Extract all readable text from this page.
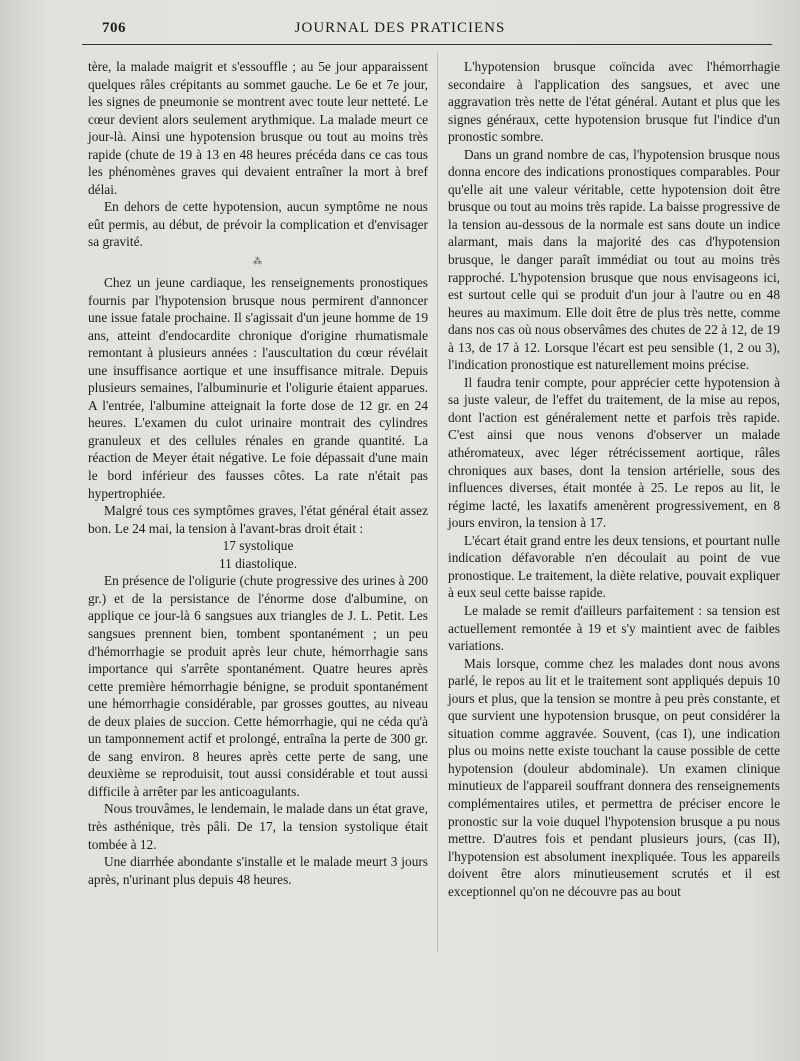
706	JOURNAL DES PRATICIENS

tère, la malade maigrit et s'essouffle ; au 5e jour apparaissent quelques râles crépitants au sommet gauche. Le 6e et 7e jour, les signes de pneumonie se montrent avec toute leur netteté. Le cœur devient alors seulement arythmique. La malade meurt ce jour-là. Ainsi une hypotension brusque ou tout au moins très rapide (chute de 19 à 13 en 48 heures précéda dans ce cas tous les phénomènes graves qui devaient entraîner la mort à bref délai.

En dehors de cette hypotension, aucun symptôme ne nous eût permis, au début, de prévoir la complication et d'envisager sa gravité.

⁂

Chez un jeune cardiaque, les renseignements pronostiques fournis par l'hypotension brusque nous permirent d'annoncer une issue fatale prochaine. Il s'agissait d'un jeune homme de 19 ans, atteint d'endocardite chronique d'origine rhumatismale remontant à plusieurs années : l'auscultation du cœur révélait une insuffisance aortique et une insuffisance mitrale. Depuis plusieurs semaines, l'albuminurie et l'oligurie étaient apparues. A l'entrée, l'albumine atteignait la forte dose de 12 gr. en 24 heures. L'examen du culot urinaire montrait des cylindres granuleux et des cellules rénales en grande quantité. La réaction de Meyer était négative. Le foie dépassait d'une main le bord inférieur des fausses côtes. La rate n'était pas hypertrophiée.

Malgré tous ces symptômes graves, l'état général était assez bon. Le 24 mai, la tension à l'avant-bras droit était :

17 systolique

11 diastolique.

En présence de l'oligurie (chute progressive des urines à 200 gr.) et de la persistance de l'énorme dose d'albumine, on applique ce jour-là 6 sangsues aux triangles de J. L. Petit. Les sangsues prennent bien, tombent spontanément ; un peu d'hémorrhagie se produit après leur chute, hémorrhagie sans importance qui s'arrête spontanément. Quatre heures après cette première hémorrhagie bénigne, se produit spontanément une hémorrhagie considérable, par grosses gouttes, au niveau de deux plaies de succion. Cette hémorrhagie, qui ne céda qu'à un tamponnement actif et prolongé, entraîna la perte de 300 gr. de sang environ. 8 heures après cette perte de sang, une deuxième se reproduisit, tout aussi considérable et tout aussi difficile à arrêter par les anticoagulants.

Nous trouvâmes, le lendemain, le malade dans un état grave, très asthénique, très pâli. De 17, la tension systolique était tombée à 12.

Une diarrhée abondante s'installe et le malade meurt 3 jours après, n'urinant plus depuis 48 heures.

L'hypotension brusque coïncida avec l'hémorrhagie secondaire à l'application des sangsues, et avec une aggravation très nette de l'état général. Autant et plus que les signes généraux, cette hypotension brusque fut l'indice d'un pronostic sombre.

Dans un grand nombre de cas, l'hypotension brusque nous donna encore des indications pronostiques comparables. Pour qu'elle ait une valeur véritable, cette hypotension doit être brusque ou tout au moins très rapide. La baisse progressive de la tension au-dessous de la normale est sans doute un indice alarmant, mais dans la majorité des cas d'hypotension brusque, le danger paraît immédiat ou tout au moins très rapproché. L'hypotension brusque que nous envisageons ici, est surtout celle qui se produit d'un jour à l'autre ou en 48 heures au maximum. Elle doit être de plus très nette, comme dans nos cas où nous observâmes des chutes de 22 à 12, de 19 à 13, de 17 à 12. Lorsque l'écart est peu sensible (1, 2 ou 3), l'indication pronostique est naturellement moins précise.

Il faudra tenir compte, pour apprécier cette hypotension à sa juste valeur, de l'effet du traitement, de la mise au repos, dont l'action est généralement nette et parfois très rapide. C'est ainsi que nous venons d'observer un malade athéromateux, avec léger rétrécissement aortique, râles chroniques aux bases, dont la tension artérielle, sous des influences diverses, était montée à 25. Le repos au lit, le régime lacté, les laxatifs amenèrent progressivement, en 8 jours environ, la tension à 17.

L'écart était grand entre les deux tensions, et pourtant nulle indication défavorable n'en découlait au point de vue pronostique. Le traitement, la diète relative, pouvait expliquer à eux seul cette baisse rapide.

Le malade se remit d'ailleurs parfaitement : sa tension est actuellement remontée à 19 et s'y maintient avec de faibles variations.

Mais lorsque, comme chez les malades dont nous avons parlé, le repos au lit et le traitement sont appliqués depuis 10 jours et plus, que la tension se montre à peu près constante, et que survient une hypotension brusque, on peut considérer la situation comme aggravée. Souvent, (cas I), une indication plus ou moins nette existe touchant la cause possible de cette hypotension (douleur abdominale). Un examen clinique minutieux de l'appareil souffrant donnera des renseignements complémentaires utiles, et permettra de préciser encore le pronostic sur la voie duquel l'hypotension brusque a pu nous mettre. D'autres fois et pendant plusieurs jours, (cas II), l'hypotension est absolument inexpliquée. Tous les appareils doivent être alors minutieusement scrutés et il est exceptionnel qu'on ne découvre pas au bout
